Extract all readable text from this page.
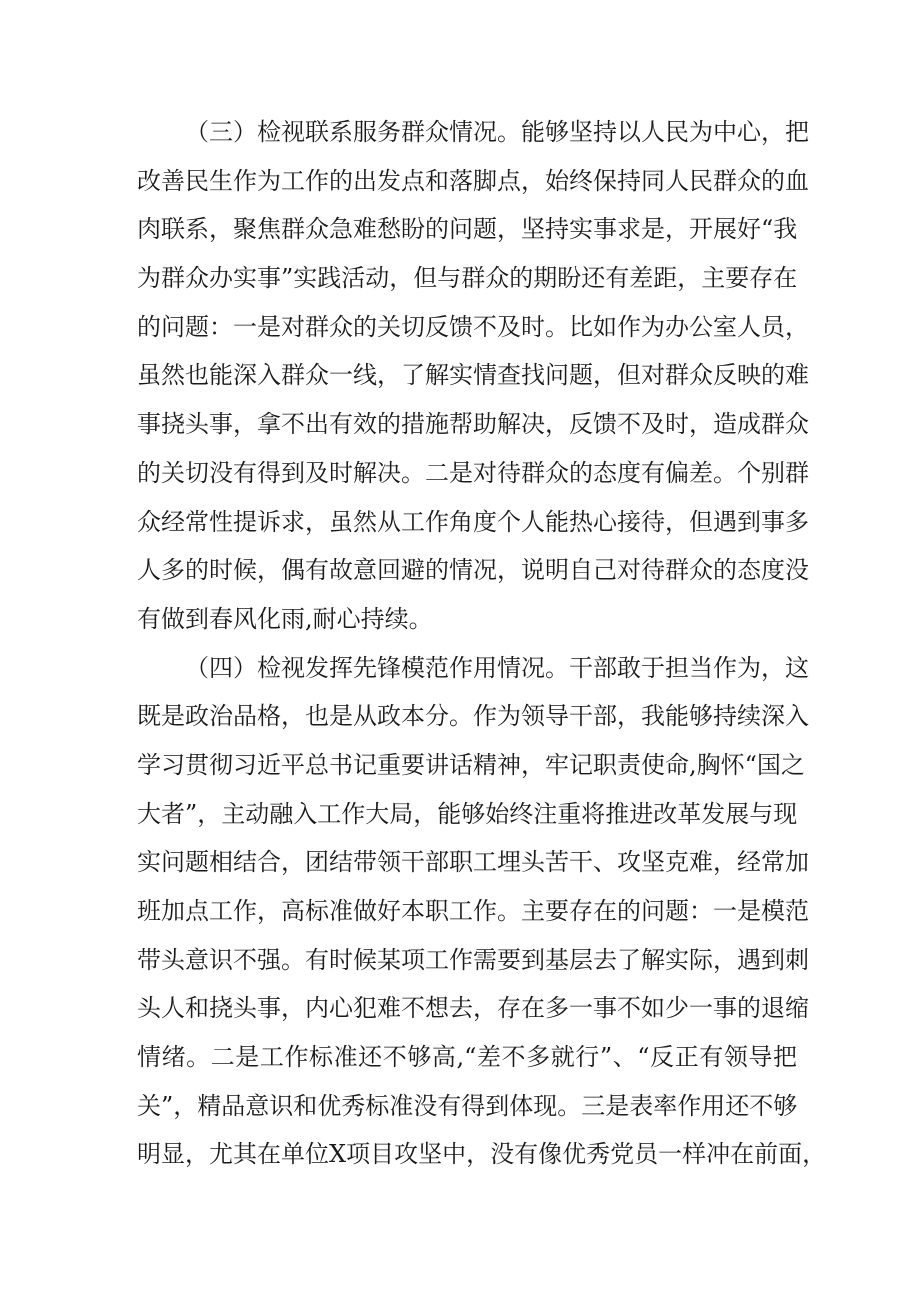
（三）检视联系服务群众情况。能够坚持以人民为中心，把
改善民生作为工作的出发点和落脚点，始终保持同人民群众的血
肉联系，聚焦群众急难愁盼的问题，坚持实事求是，开展好“我
为群众办实事”实践活动，但与群众的期盼还有差距，主要存在
的问题：一是对群众的关切反馈不及时。比如作为办公室人员，
虽然也能深入群众一线，了解实情查找问题，但对群众反映的难
事挠头事，拿不出有效的措施帮助解决，反馈不及时，造成群众
的关切没有得到及时解决。二是对待群众的态度有偏差。个别群
众经常性提诉求，虽然从工作角度个人能热心接待，但遇到事多
人多的时候，偶有故意回避的情况，说明自己对待群众的态度没
有做到春风化雨,耐心持续。
（四）检视发挥先锋模范作用情况。干部敢于担当作为，这
既是政治品格，也是从政本分。作为领导干部，我能够持续深入
学习贯彻习近平总书记重要讲话精神，牢记职责使命,胸怀“国之
大者”，主动融入工作大局，能够始终注重将推进改革发展与现
实问题相结合，团结带领干部职工埋头苦干、攻坚克难，经常加
班加点工作，高标准做好本职工作。主要存在的问题：一是模范
带头意识不强。有时候某项工作需要到基层去了解实际，遇到刺
头人和挠头事，内心犯难不想去，存在多一事不如少一事的退缩
情绪。二是工作标准还不够高,“差不多就行”、“反正有领导把
关”，精品意识和优秀标准没有得到体现。三是表率作用还不够
明显，尤其在单位X项目攻坚中，没有像优秀党员一样冲在前面，
